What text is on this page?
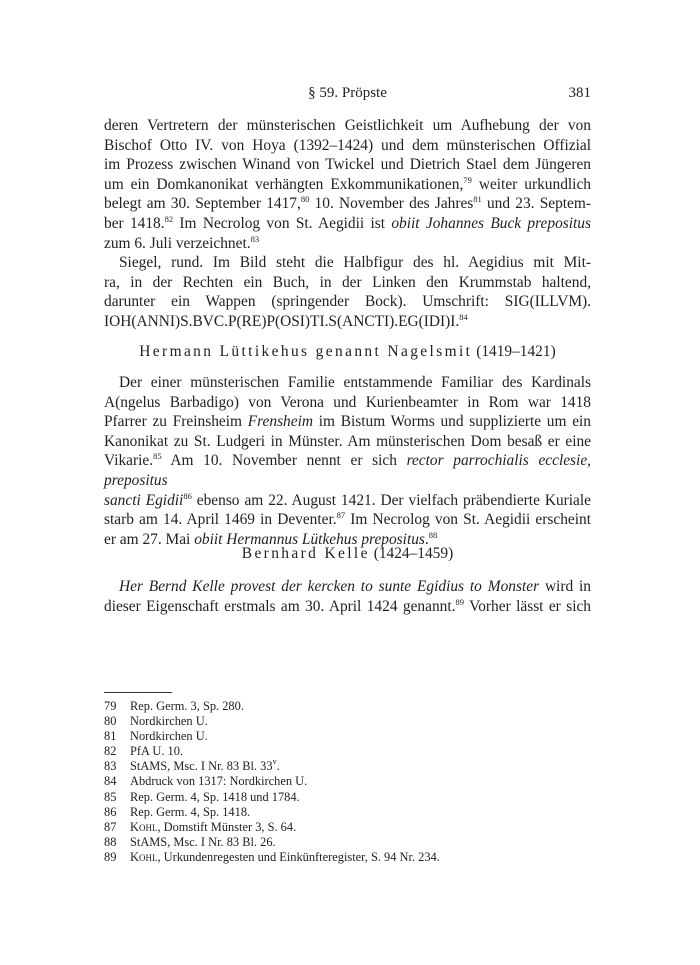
§ 59. Pröpste	381

deren Vertretern der münsterischen Geistlichkeit um Aufhebung der von

Bischof Otto IV. von Hoya (1392–1424) und dem münsterischen Offizial

im Prozess zwischen Winand von Twickel und Dietrich Stael dem Jüngeren

um ein Domkanonikat verhängten Exkommunikationen,$^{79}$ weiter urkundlich

belegt am 30. September 1417,80 10. November des Jahres$^{81}$ und 23. Septem-

ber 1418.82 Im Necrolog von St. Aegidii ist obiit Johannes Buck prepositus

zum 6. Juli verzeichnet.$^{83}$

Siegel, rund. Im Bild steht die Halbfigur des hl. Aegidius mit Mit-

ra, in der Rechten ein Buch, in der Linken den Krummstab haltend,

darunter ein Wappen (springender Bock). Umschrift: SIG(ILLVM).

IOH(ANNI)S.BVC.P(RE)P(OSI)TI.S(ANCTI).EG(IDI)I.$^{84}$

Hermann Lüttikehus genannt Nagelsmit (1419–1421)

Der einer münsterischen Familie entstammende Familiar des Kardinals

A(ngelus Barbadigo) von Verona und Kurienbeamter in Rom war 1418

Pfarrer zu Freinsheim Frensheim im Bistum Worms und supplizierte um ein

Kanonikat zu St. Ludgeri in Münster. Am münsterischen Dom besaß er eine

Vikarie.$^{85}$ Am 10. November nennt er sich rector parrochialis ecclesie, prepositus

sancti Egidii$^{86}$ ebenso am 22. August 1421. Der vielfach präbendierte Kuriale

starb am 14. April 1469 in Deventer.$^{87}$ Im Necrolog von St. Aegidii erscheint

er am 27. Mai obiit Hermannus Lütkehus prepositus.$^{88}$

Bernhard Kelle (1424–1459)

Her Bernd Kelle provest der kercken to sunte Egidius to Monster wird in

dieser Eigenschaft erstmals am 30. April 1424 genannt.$^{89}$ Vorher lässt er sich

79 Rep. Germ. 3, Sp. 280.
80 Nordkirchen U.
81 Nordkirchen U.
82 PfA U. 10.
83 StAMS, Msc. I Nr. 83 Bl. 33$^v$.
84 Abdruck von 1317: Nordkirchen U.
85 Rep. Germ. 4, Sp. 1418 und 1784.
86 Rep. Germ. 4, Sp. 1418.
87 Kohl, Domstift Münster 3, S. 64.
88 StAMS, Msc. I Nr. 83 Bl. 26.
89 Kohl, Urkundenregesten und Einkünfteregister, S. 94 Nr. 234.
